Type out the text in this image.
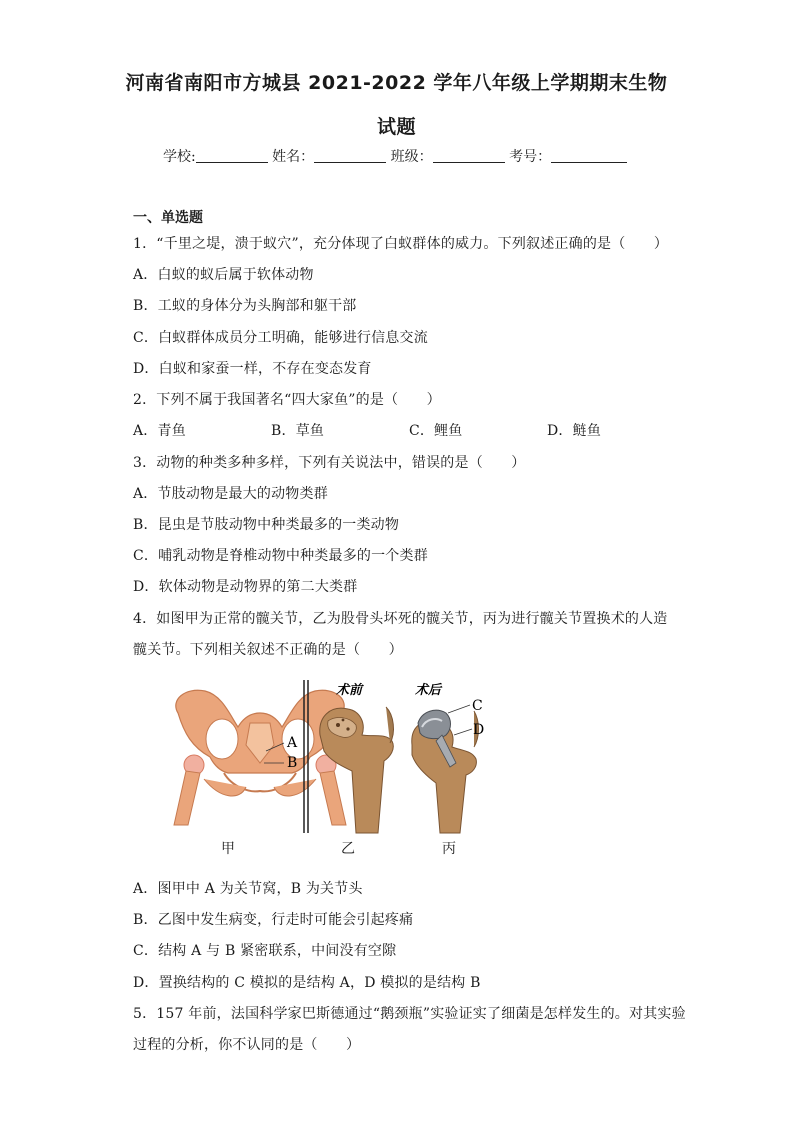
河南省南阳市方城县 2021-2022 学年八年级上学期期末生物
试题
学校:	姓名：	班级：	考号：
一、单选题
1．“千里之堤，溃于蚁穴”，充分体现了白蚁群体的威力。下列叙述正确的是（　　）
A．白蚁的蚁后属于软体动物
B．工蚁的身体分为头胸部和躯干部
C．白蚁群体成员分工明确，能够进行信息交流
D．白蚁和家蚕一样，不存在变态发育
2．下列不属于我国著名“四大家鱼”的是（　　）
A．青鱼	B．草鱼	C．鲤鱼	D．鲢鱼
3．动物的种类多种多样，下列有关说法中，错误的是（　　）
A．节肢动物是最大的动物类群
B．昆虫是节肢动物中种类最多的一类动物
C．哺乳动物是脊椎动物中种类最多的一个类群
D．软体动物是动物界的第二大类群
4．如图甲为正常的髋关节，乙为股骨头坏死的髋关节，丙为进行髋关节置换术的人造
髋关节。下列相关叙述不正确的是（　　）
A
B
术前	术后
C
D
甲	乙	丙
A．图甲中 A 为关节窝，B 为关节头
B．乙图中发生病变，行走时可能会引起疼痛
C．结构 A 与 B 紧密联系，中间没有空隙
D．置换结构的 C 模拟的是结构 A，D 模拟的是结构 B
5．157 年前，法国科学家巴斯德通过“鹅颈瓶”实验证实了细菌是怎样发生的。对其实验
过程的分析，你不认同的是（　　）
